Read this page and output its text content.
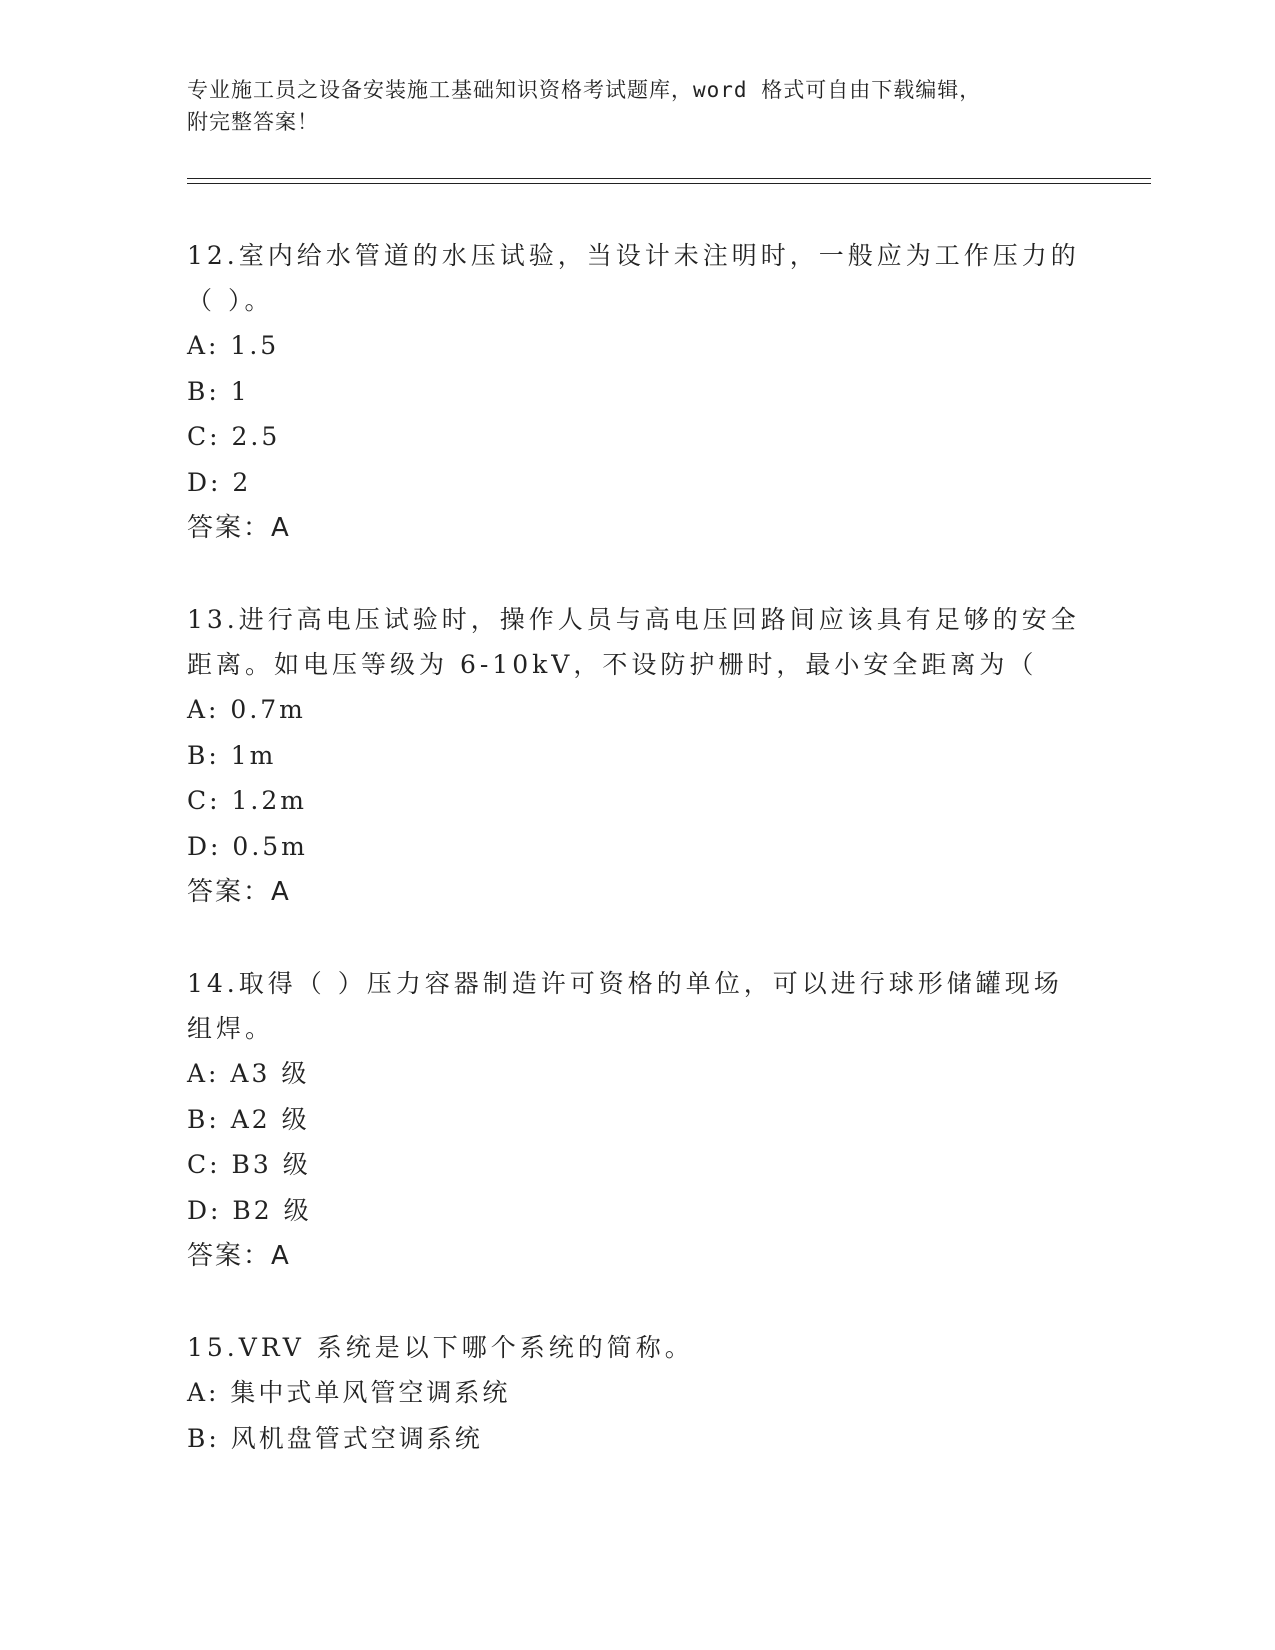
专业施工员之设备安装施工基础知识资格考试题库，word 格式可自由下载编辑，
附完整答案！

12.室内给水管道的水压试验，当设计未注明时，一般应为工作压力的

（ ）。

A: 1.5

B: 1

C: 2.5

D: 2

答案：A

13.进行高电压试验时，操作人员与高电压回路间应该具有足够的安全

距离。如电压等级为 6-10kV，不设防护栅时，最小安全距离为（

A: 0.7m

B: 1m

C: 1.2m

D: 0.5m

答案：A

14.取得（ ）压力容器制造许可资格的单位，可以进行球形储罐现场

组焊。

A: A3 级

B: A2 级

C: B3 级

D: B2 级

答案：A

15.VRV 系统是以下哪个系统的简称。

A: 集中式单风管空调系统

B: 风机盘管式空调系统
